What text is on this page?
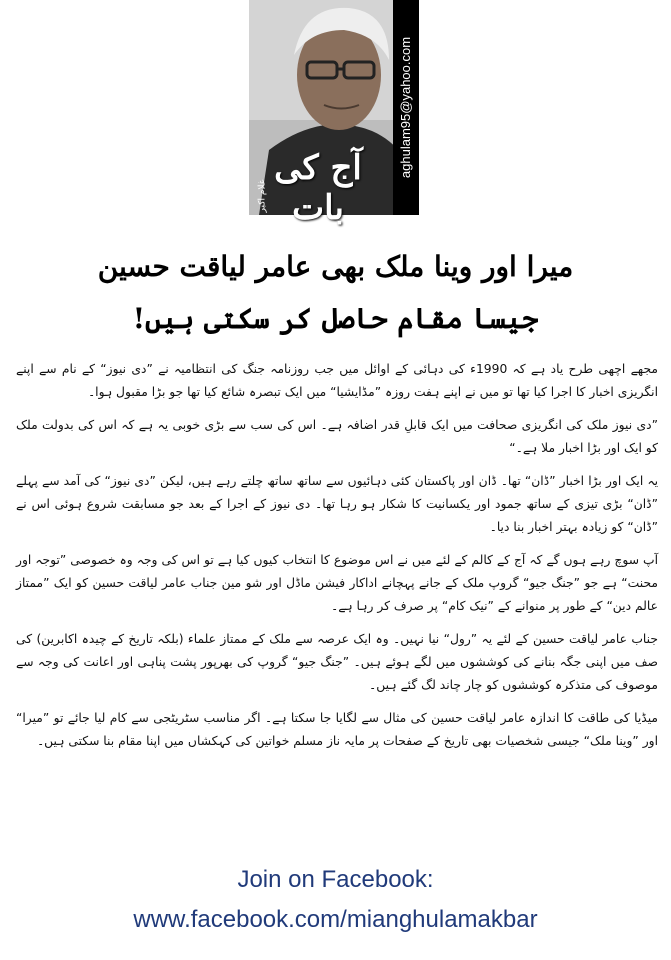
aghulam95@yahoo.com
آج کی بات
غلام اکبر
میرا اور وینا ملک بھی عامر لیاقت حسین
جیسا مقام حاصل کر سکتی ہیں!

مجھے اچھی طرح یاد ہے کہ 1990ء کی دہائی کے اوائل میں جب روزنامہ جنگ کی انتظامیہ نے ”دی نیوز“ کے نام سے اپنے انگریزی اخبار کا اجرا کیا تھا تو میں نے اپنے ہفت روزہ ”مڈایشیا“ میں ایک تبصرہ شائع کیا تھا جو بڑا مقبول ہوا۔

”دی نیوز ملک کی انگریزی صحافت میں ایک قابلِ قدر اضافہ ہے۔ اس کی سب سے بڑی خوبی یہ ہے کہ اس کی بدولت ملک کو ایک اور بڑا اخبار ملا ہے۔“

یہ ایک اور بڑا اخبار ”ڈان“ تھا۔ ڈان اور پاکستان کئی دہائیوں سے ساتھ ساتھ چلتے رہے ہیں، لیکن ”دی نیوز“ کی آمد سے پہلے ”ڈان“ بڑی تیزی کے ساتھ جمود اور یکسانیت کا شکار ہو رہا تھا۔ دی نیوز کے اجرا کے بعد جو مسابقت شروع ہوئی اس نے ”ڈان“ کو زیادہ بہتر اخبار بنا دیا۔

آپ سوچ رہے ہوں گے کہ آج کے کالم کے لئے میں نے اس موضوع کا انتخاب کیوں کیا ہے تو اس کی وجہ وہ خصوصی ”توجہ اور محنت“ ہے جو ”جنگ جیو“ گروپ ملک کے جانے پہچانے اداکار فیشن ماڈل اور شو مین جناب عامر لیاقت حسین کو ایک ”ممتاز عالم دین“ کے طور پر منوانے کے ”نیک کام“ پر صرف کر رہا ہے۔

جناب عامر لیاقت حسین کے لئے یہ ”رول“ نیا نہیں۔ وہ ایک عرصہ سے ملک کے ممتاز علماء (بلکہ تاریخ کے چیدہ اکابرین) کی صف میں اپنی جگہ بنانے کی کوششوں میں لگے ہوئے ہیں۔ ”جنگ جیو“ گروپ کی بھرپور پشت پناہی اور اعانت کی وجہ سے موصوف کی متذکرہ کوششوں کو چار چاند لگ گئے ہیں۔

میڈیا کی طاقت کا اندازہ عامر لیاقت حسین کی مثال سے لگایا جا سکتا ہے۔ اگر مناسب سٹریٹجی سے کام لیا جائے تو ”میرا“ اور ”وینا ملک“ جیسی شخصیات بھی تاریخ کے صفحات پر مایہ ناز مسلم خواتین کی کہکشاں میں اپنا مقام بنا سکتی ہیں۔

Join on Facebook:

www.facebook.com/mianghulamakbar
